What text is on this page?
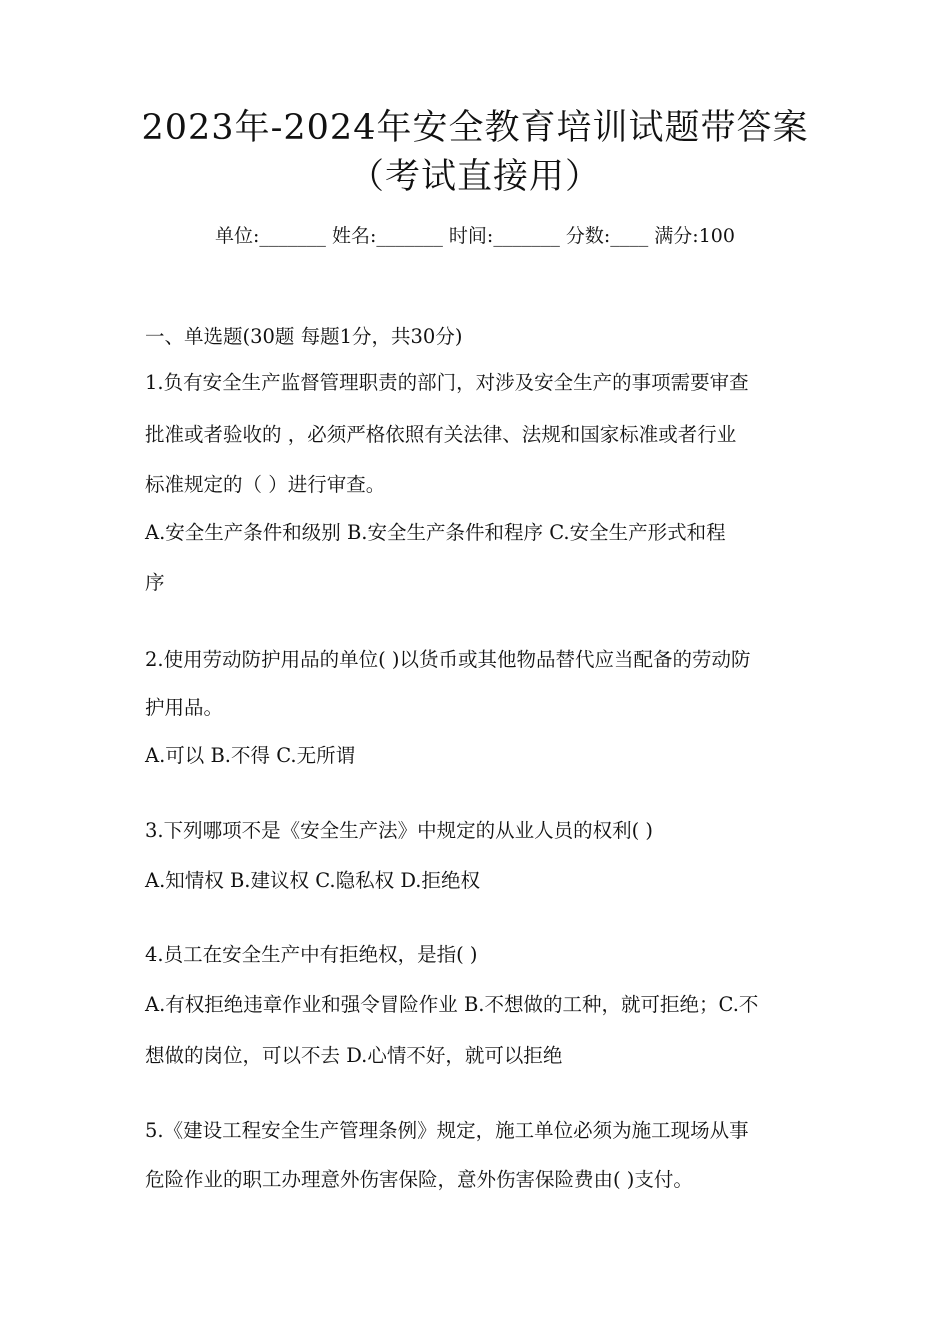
2023年-2024年安全教育培训试题带答案
（考试直接用）
单位:_______ 姓名:_______ 时间:_______ 分数:____ 满分:100
一、单选题(30题 每题1分，共30分)
1.负有安全生产监督管理职责的部门，对涉及安全生产的事项需要审查
批准或者验收的 ，必须严格依照有关法律、法规和国家标准或者行业
标准规定的（ ）进行审查。
A.安全生产条件和级别 B.安全生产条件和程序 C.安全生产形式和程
序
2.使用劳动防护用品的单位( )以货币或其他物品替代应当配备的劳动防
护用品。
A.可以 B.不得 C.无所谓
3.下列哪项不是《安全生产法》中规定的从业人员的权利( )
A.知情权 B.建议权 C.隐私权 D.拒绝权
4.员工在安全生产中有拒绝权，是指( )
A.有权拒绝违章作业和强令冒险作业 B.不想做的工种，就可拒绝；C.不
想做的岗位，可以不去 D.心情不好，就可以拒绝
5.《建设工程安全生产管理条例》规定，施工单位必须为施工现场从事
危险作业的职工办理意外伤害保险，意外伤害保险费由( )支付。
